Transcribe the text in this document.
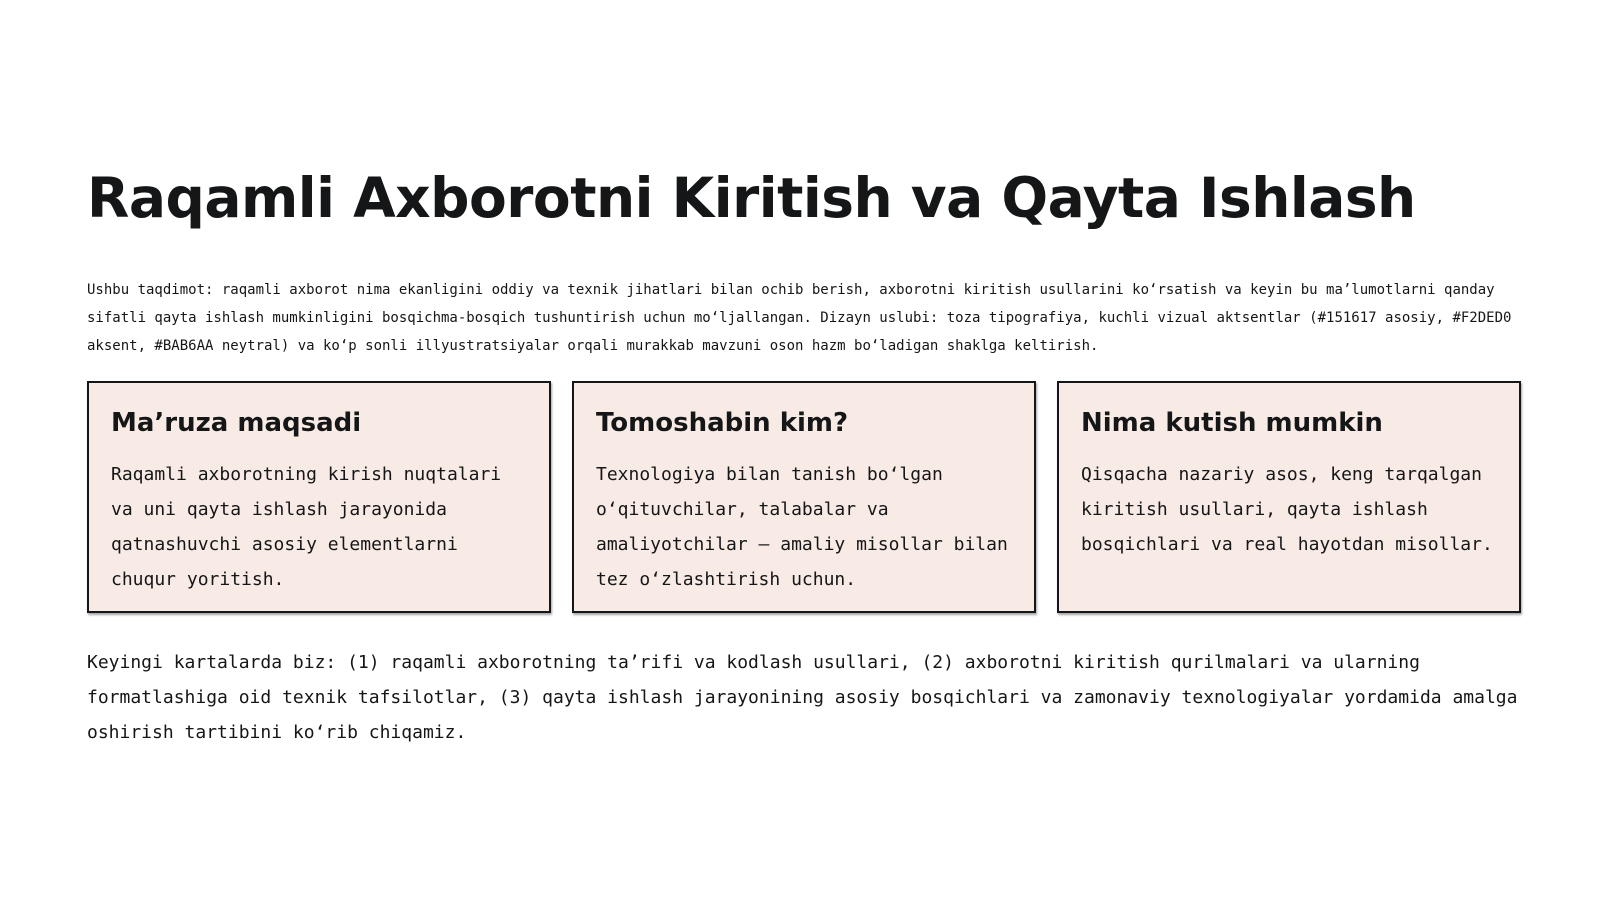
Raqamli Axborotni Kiritish va Qayta Ishlash

Ushbu taqdimot: raqamli axborot nima ekanligini oddiy va texnik jihatlari bilan ochib berish, axborotni kiritish usullarini ko‘rsatish va keyin bu ma’lumotlarni qanday sifatli qayta ishlash mumkinligini bosqichma-bosqich tushuntirish uchun mo‘ljallangan. Dizayn uslubi: toza tipografiya, kuchli vizual aktsentlar (#151617 asosiy, #F2DED0 aksent, #BAB6AA neytral) va ko‘p sonli illyustratsiyalar orqali murakkab mavzuni oson hazm bo‘ladigan shaklga keltirish.

Ma’ruza maqsadi

Raqamli axborotning kirish nuqtalari va uni qayta ishlash jarayonida qatnashuvchi asosiy elementlarni chuqur yoritish.

Tomoshabin kim?

Texnologiya bilan tanish bo‘lgan o‘qituvchilar, talabalar va amaliyotchilar — amaliy misollar bilan tez o‘zlashtirish uchun.

Nima kutish mumkin

Qisqacha nazariy asos, keng tarqalgan kiritish usullari, qayta ishlash bosqichlari va real hayotdan misollar.

Keyingi kartalarda biz: (1) raqamli axborotning ta’rifi va kodlash usullari, (2) axborotni kiritish qurilmalari va ularning formatlashiga oid texnik tafsilotlar, (3) qayta ishlash jarayonining asosiy bosqichlari va zamonaviy texnologiyalar yordamida amalga oshirish tartibini ko‘rib chiqamiz.
